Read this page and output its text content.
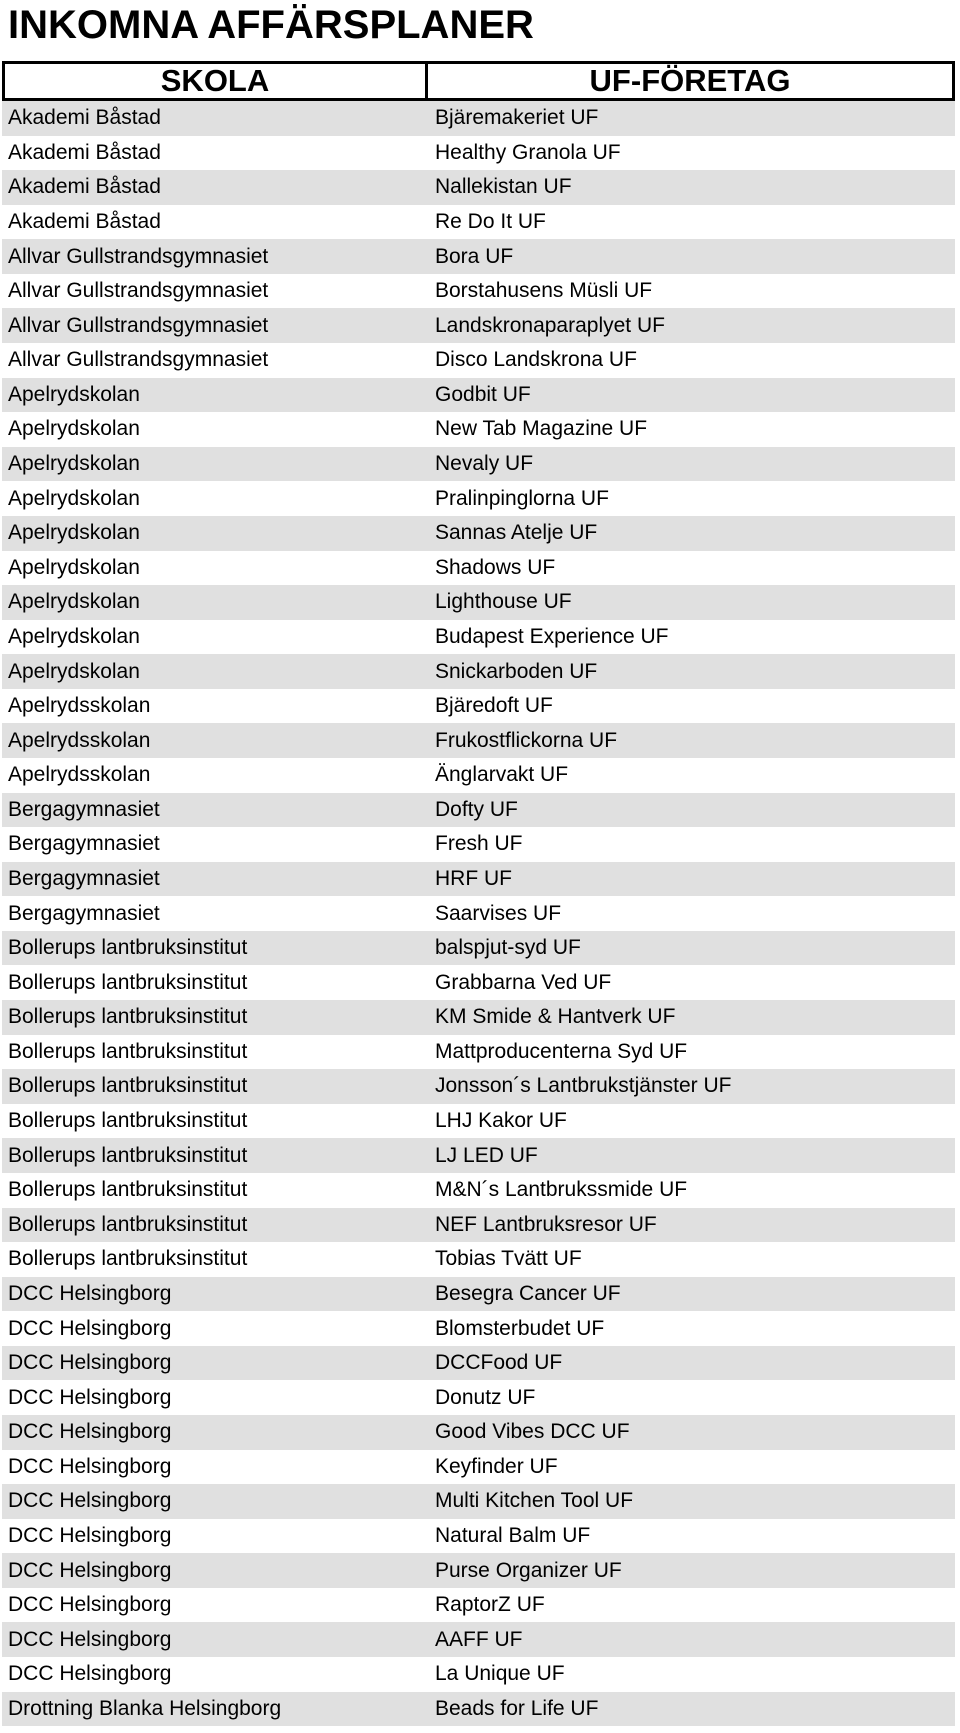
INKOMNA AFFÄRSPLANER
SKOLA	UF-FÖRETAG
Akademi Båstad	Bjäremakeriet UF
Akademi Båstad	Healthy Granola UF
Akademi Båstad	Nallekistan UF
Akademi Båstad	Re Do It UF
Allvar Gullstrandsgymnasiet	Bora UF
Allvar Gullstrandsgymnasiet	Borstahusens Müsli UF
Allvar Gullstrandsgymnasiet	Landskronaparaplyet UF
Allvar Gullstrandsgymnasiet	Disco Landskrona UF
Apelrydskolan	Godbit UF
Apelrydskolan	New Tab Magazine UF
Apelrydskolan	Nevaly UF
Apelrydskolan	Pralinpinglorna UF
Apelrydskolan	Sannas Atelje UF
Apelrydskolan	Shadows UF
Apelrydskolan	Lighthouse UF
Apelrydskolan	Budapest Experience UF
Apelrydskolan	Snickarboden UF
Apelrydsskolan	Bjäredoft UF
Apelrydsskolan	Frukostflickorna UF
Apelrydsskolan	Änglarvakt UF
Bergagymnasiet	Dofty UF
Bergagymnasiet	Fresh UF
Bergagymnasiet	HRF UF
Bergagymnasiet	Saarvises UF
Bollerups lantbruksinstitut	balspjut-syd UF
Bollerups lantbruksinstitut	Grabbarna Ved UF
Bollerups lantbruksinstitut	KM Smide & Hantverk UF
Bollerups lantbruksinstitut	Mattproducenterna Syd UF
Bollerups lantbruksinstitut	Jonsson´s Lantbrukstjänster UF
Bollerups lantbruksinstitut	LHJ Kakor UF
Bollerups lantbruksinstitut	LJ LED UF
Bollerups lantbruksinstitut	M&N´s Lantbrukssmide UF
Bollerups lantbruksinstitut	NEF Lantbruksresor UF
Bollerups lantbruksinstitut	Tobias Tvätt UF
DCC Helsingborg	Besegra Cancer UF
DCC Helsingborg	Blomsterbudet UF
DCC Helsingborg	DCCFood UF
DCC Helsingborg	Donutz UF
DCC Helsingborg	Good Vibes DCC UF
DCC Helsingborg	Keyfinder UF
DCC Helsingborg	Multi Kitchen Tool UF
DCC Helsingborg	Natural Balm UF
DCC Helsingborg	Purse Organizer UF
DCC Helsingborg	RaptorZ UF
DCC Helsingborg	AAFF UF
DCC Helsingborg	La Unique UF
Drottning Blanka Helsingborg	Beads for Life UF
